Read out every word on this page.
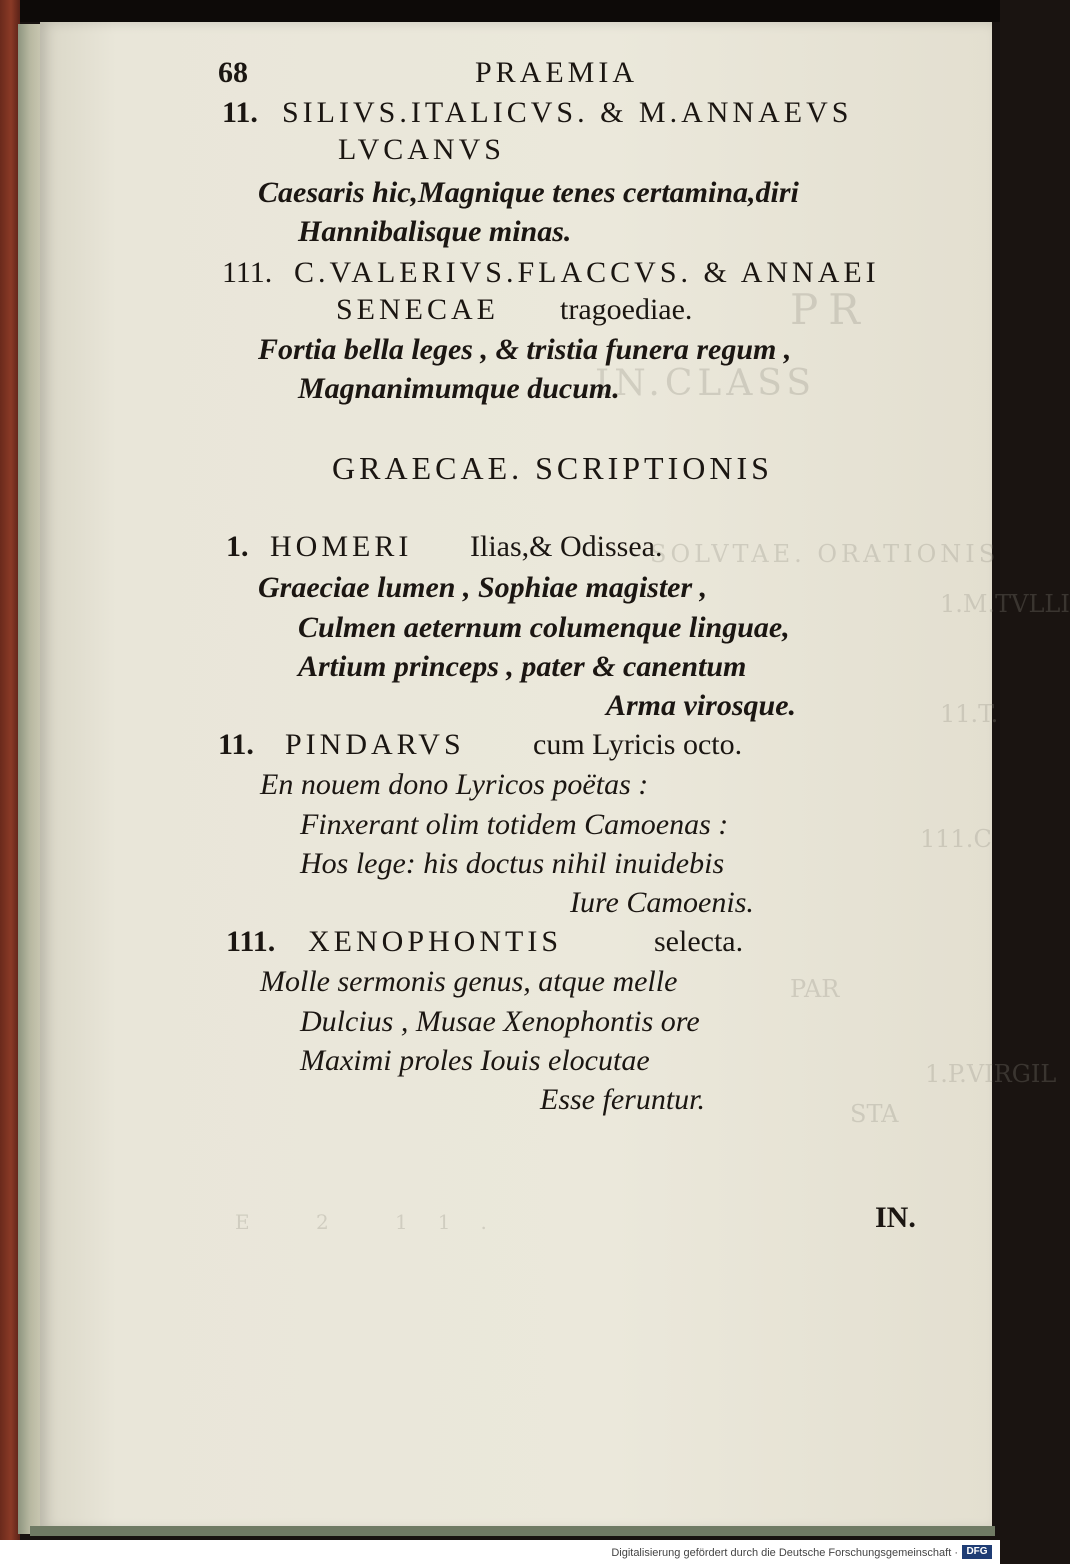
PR
IN.CLASS
SOLVTAE. ORATIONIS
1.M.TVLLI
11.T.
111.C
PAR
1.P.VIRGIL
STA
E 2 11.
68	PRAEMIA
11. SILIVS.ITALICVS. & M.ANNAEVS
LVCANVS
Caesaris hic,Magnique tenes certamina,diri
Hannibalisque minas.
111. C.VALERIVS.FLACCVS. & ANNAEI
SENECAE tragoediae.
Fortia bella leges , & tristia funera regum ,
Magnanimumque ducum.
GRAECAE. SCRIPTIONIS
1. HOMERI Ilias,& Odissea.
Graeciae lumen , Sophiae magister ,
Culmen aeternum columenque linguae,
Artium princeps , pater & canentum
Arma virosque.
11. PINDARVS cum Lyricis octo.
En nouem dono Lyricos poëtas :
Finxerant olim totidem Camoenas :
Hos lege: his doctus nihil inuidebis
Iure Camoenis.
111. XENOPHONTIS	selecta.
Molle sermonis genus, atque melle
Dulcius , Musae Xenophontis ore
Maximi proles Iouis elocutae
Esse feruntur.
IN.
Digitalisierung gefördert durch die Deutsche Forschungsgemeinschaft · DFG
